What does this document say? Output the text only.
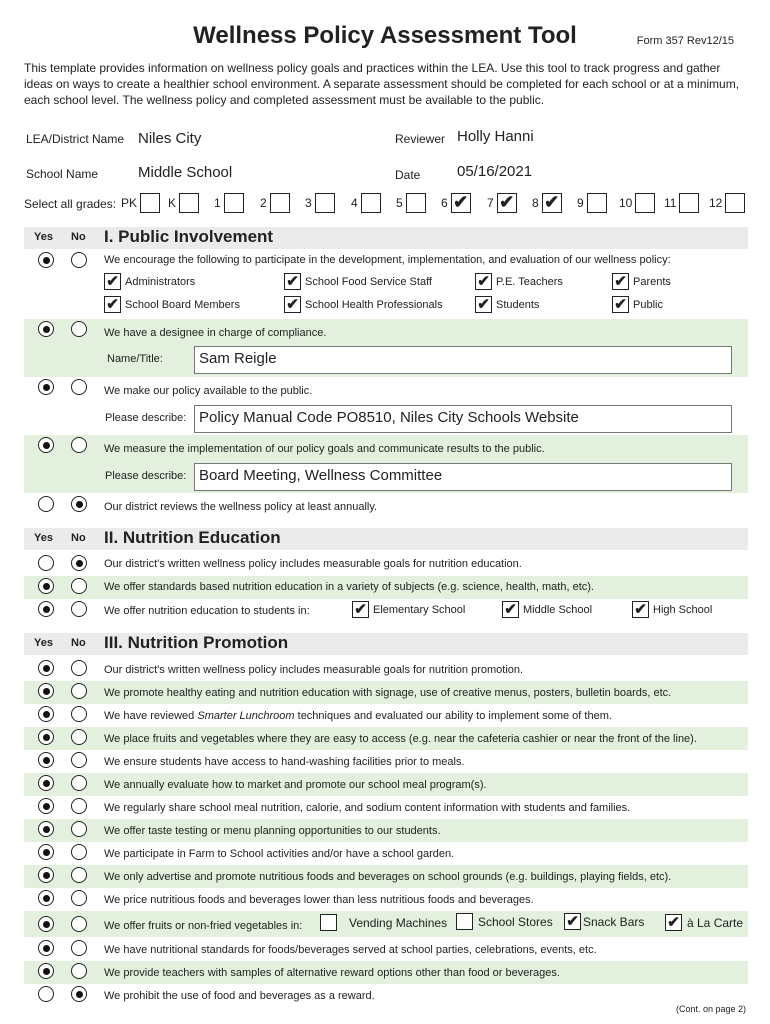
Wellness Policy Assessment Tool	Form 357 Rev12/15
This template provides information on wellness policy goals and practices within the LEA. Use this tool to track progress and gather ideas on ways to create a healthier school environment. A separate assessment should be completed for each school or at a minimum, each school level. The wellness policy and completed assessment must be available to the public.
LEA/District Name Niles City	Reviewer Holly Hanni
School Name	Middle School	Date 05/16/2021
Select all grades: PK	K	1	2	3	4	5	6 ✔ 7 ✔ 8 ✔ 9	10	11	12
Yes No I. Public Involvement
We encourage the following to participate in the development, implementation, and evaluation of our wellness policy:
✔ Administrators	✔ School Food Service Staff	✔ P.E. Teachers	✔ Parents
✔ School Board Members	✔ School Health Professionals ✔ Students	✔ Public
We have a designee in charge of compliance.
Name/Title:	Sam Reigle
We make our policy available to the public.
Please describe: Policy Manual Code PO8510, Niles City Schools Website
We measure the implementation of our policy goals and communicate results to the public.
Please describe: Board Meeting, Wellness Committee
Our district reviews the wellness policy at least annually.
Yes No II. Nutrition Education
Our district's written wellness policy includes measurable goals for nutrition education.
We offer standards based nutrition education in a variety of subjects (e.g. science, health, math, etc).
We offer nutrition education to students in:	✔ Elementary School	✔ Middle School	✔ High School
Yes No III. Nutrition Promotion
Our district's written wellness policy includes measurable goals for nutrition promotion.
We promote healthy eating and nutrition education with signage, use of creative menus, posters, bulletin boards, etc.
We have reviewed Smarter Lunchroom techniques and evaluated our ability to implement some of them.
We place fruits and vegetables where they are easy to access (e.g. near the cafeteria cashier or near the front of the line).
We ensure students have access to hand-washing facilities prior to meals.
We annually evaluate how to market and promote our school meal program(s).
We regularly share school meal nutrition, calorie, and sodium content information with students and families.
We offer taste testing or menu planning opportunities to our students.
We participate in Farm to School activities and/or have a school garden.
We only advertise and promote nutritious foods and beverages on school grounds (e.g. buildings, playing fields, etc).
We price nutritious foods and beverages lower than less nutritious foods and beverages.
We offer fruits or non-fried vegetables in:	Vending Machines	School Stores ✔ Snack Bars ✔ à La Carte
We have nutritional standards for foods/beverages served at school parties, celebrations, events, etc.
We provide teachers with samples of alternative reward options other than food or beverages.
We prohibit the use of food and beverages as a reward.
(Cont. on page 2)
